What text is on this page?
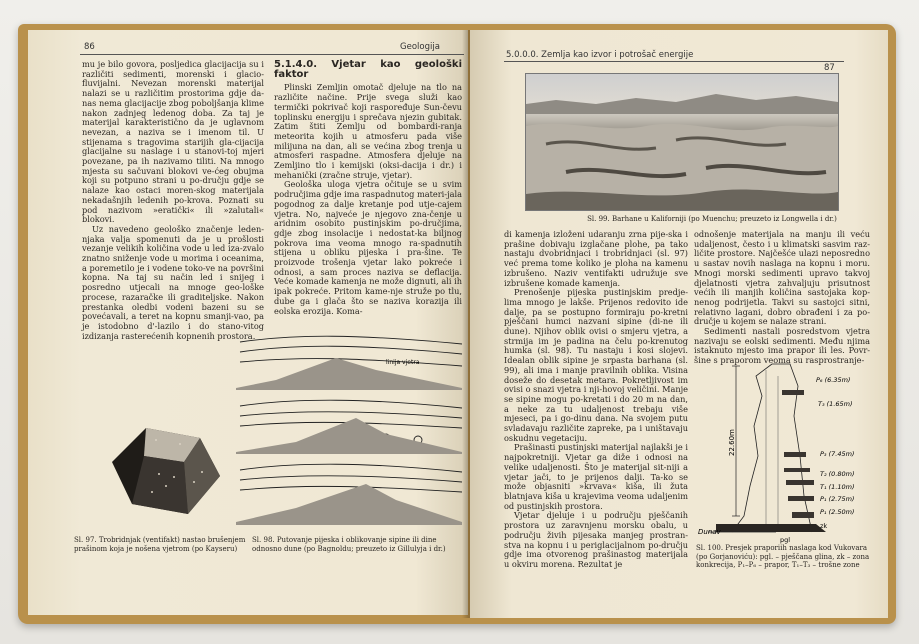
86	Geologija

mu je bilo govora, posljedica glacijacija su i različiti sedimenti, morenski i glacio-fluvijalni. Nevezan morenski materijal nalazi se u različitim prostorima gdje da-nas nema glacijacije zbog pobolјšanja klime nakon zadnjeg ledenog doba. Za taj je materijal karakteristično da je uglavnom nevezan, a naziva se i imenom til. U stijenama s tragovima starijih gla-cijacija glacijalne su naslage i u stanovi-toj mjeri povezane, pa ih nazivamo tiliti. Na mnogo mjesta su sačuvani blokovi ve-ćeg obujma koji su potpuno strani u po-dručju gdje se nalaze kao ostaci moren-skog materijala nekadašnjih ledenih po-krova. Poznati su pod nazivom »eratički« ili »zalutali« blokovi.

Uz navedeno geološko značenje leden-njaka valja spomenuti da je u prošlosti vezanje velikih količina vode u led iza-zvalo znatno sniženje vode u morima i oceanima, a poremetilo je i vodene toko-ve na površini kopna. Na taj su način led i snijeg i posredno utjecali na mnoge geo-loške procese, razaračke ili graditeljske. Nakon prestanka oledbi vodeni bazeni su se povećavali, a teret na kopnu smanji-vao, pa je istodobno d'-lazilo i do stano-vitog izdizanja rasterećenih kopnenih prostora.

5.1.4.0. Vjetar kao geološki faktor

Plinski Zemljin omotač djeluje na tlo na različite načine. Prije svega služi kao termički pokrivač koji raspoređuje Sun-čevu toplinsku energiju i sprečava njezin gubitak. Zatim štiti Zemlju od bombardi-ranja meteorita kojih u atmosferu pada više milijuna na dan, ali se većina zbog trenja u atmosferi raspadne. Atmosfera djeluje na Zemljino tlo i kemijski (oksi-dacija i dr.) i mehanički (zračne struje, vjetar).

Geološka uloga vjetra očituje se u svim područjima gdje ima raspadnutog materi-jala pogodnog za dalje kretanje pod utje-cajem vjetra. No, najveće je njegovo zna-čenje u aridnim osobito pustinjskim po-dručjima, gdje zbog insolacije i nedostat-ka biljnog pokrova ima veoma mnogo ra-spadnutih stijena u obliku pijeska i pra-šine. Te proizvode trošenja vjetar lako pokreće i odnosi, a sam proces naziva se deflacija. Veće komade kamenja ne može dignuti, ali ih ipak pokreće. Pritom kame-nje struže po tlu, dube ga i glača što se naziva korazija ili eolska erozija. Koma-

Sl. 97. Trobridnjak (ventifakt) nastao brušenjem prašinom koja je nošena vjetrom (po Kayseru)
linija vjetra
Sl. 98. Putovanje pijeska i oblikovanje sipine ili dine odnosno dune (po Bagnoldu; preuzeto iz Gillulyja i dr.)
5.0.0.0. Zemlja kao izvor i potrošač energije
87
Sl. 99. Barhane u Kaliforniji (po Muenchu; preuzeto iz Longwella i dr.)

di kamenja izloženi udaranju zrna pije-ska i prašine dobivaju izglačane plohe, pa tako nastaju dvobridnjaci i trobridnjaci (sl. 97) već prema tome koliko je ploha na kamenu izbrušeno. Naziv ventifakti udružuje sve izbrušene komade kamenja.

Prenošenje pijeska pustinjskim predje-lima mnogo je lakše. Prijenos redovito ide dalje, pa se postupno formiraju po-kretni pješčani humci nazvani sipine (di-ne ili dune). Njihov oblik ovisi o smjeru vjetra, a strmija im je padina na čelu po-krenutog humka (sl. 98). Tu nastaju i kosi slojevi. Idealan oblik sipine je srpasta barhana (sl. 99), ali ima i manje pravilnih oblika. Visina doseže do desetak metara. Pokretljivost im ovisi o snazi vjetra i nji-hovoj veličini. Manje se sipine mogu po-kretati i do 20 m na dan, a neke za tu udaljenost trebaju više mjeseci, pa i go-dinu dana. Na svojem putu svladavaju različite zapreke, pa i uništavaju oskudnu vegetaciju.

Prašinasti pustinjski materijal najlakši je i najpokretniji. Vjetar ga diže i odnosi na velike udaljenosti. Što je materijal sit-niji a vjetar jači, to je prijenos dalji. Ta-ko se može objasniti »krvava« kiša, ili žuta blatnjava kiša u krajevima veoma udaljenim od pustinjskih prostora.

Vjetar djeluje i u području pješčanih prostora uz zaravnjenu morsku obalu, u području živih pijesaka manjeg prostran-stva na kopnu i u periglacijalnom po-dručju gdje ima otvorenog prašinastog materijala u okviru morena. Rezultat je

odnošenje materijala na manju ili veću udaljenost, često i u klimatski sasvim raz-ličite prostore. Najčešće ulazi neposredno u sastav novih naslaga na kopnu i moru. Mnogi morski sedimenti upravo takvoj djelatnosti vjetra zahvaljuju prisutnost većih ili manjih količina sastojaka kop-nenog podrijetla. Takvi su sastojci sitni, relativno lagani, dobro obrađeni i za po-dručje u kojem se nalaze strani.

Sedimenti nastali posredstvom vjetra nazivaju se eolski sedimenti. Među njima istaknuto mjesto ima prapor ili les. Povr-šine s praporom veoma su rasprostranje-

22.60m
P₆ (6.35m)
T₃ (1.65m)
P₃ (7.45m)
T₂ (0.80m)
T₁ (1.10m)
P₁ (2.75m)
P₁ (2.50m)
Dunav
zk
pgl
Sl. 100. Presjek praporiih naslaga kod Vukovara (po Gorjanoviću): pgl. – pješčana glina, zk – zona konkrecija, P₁–P₆ – prapor, T₁–T₃ – trošne zone
